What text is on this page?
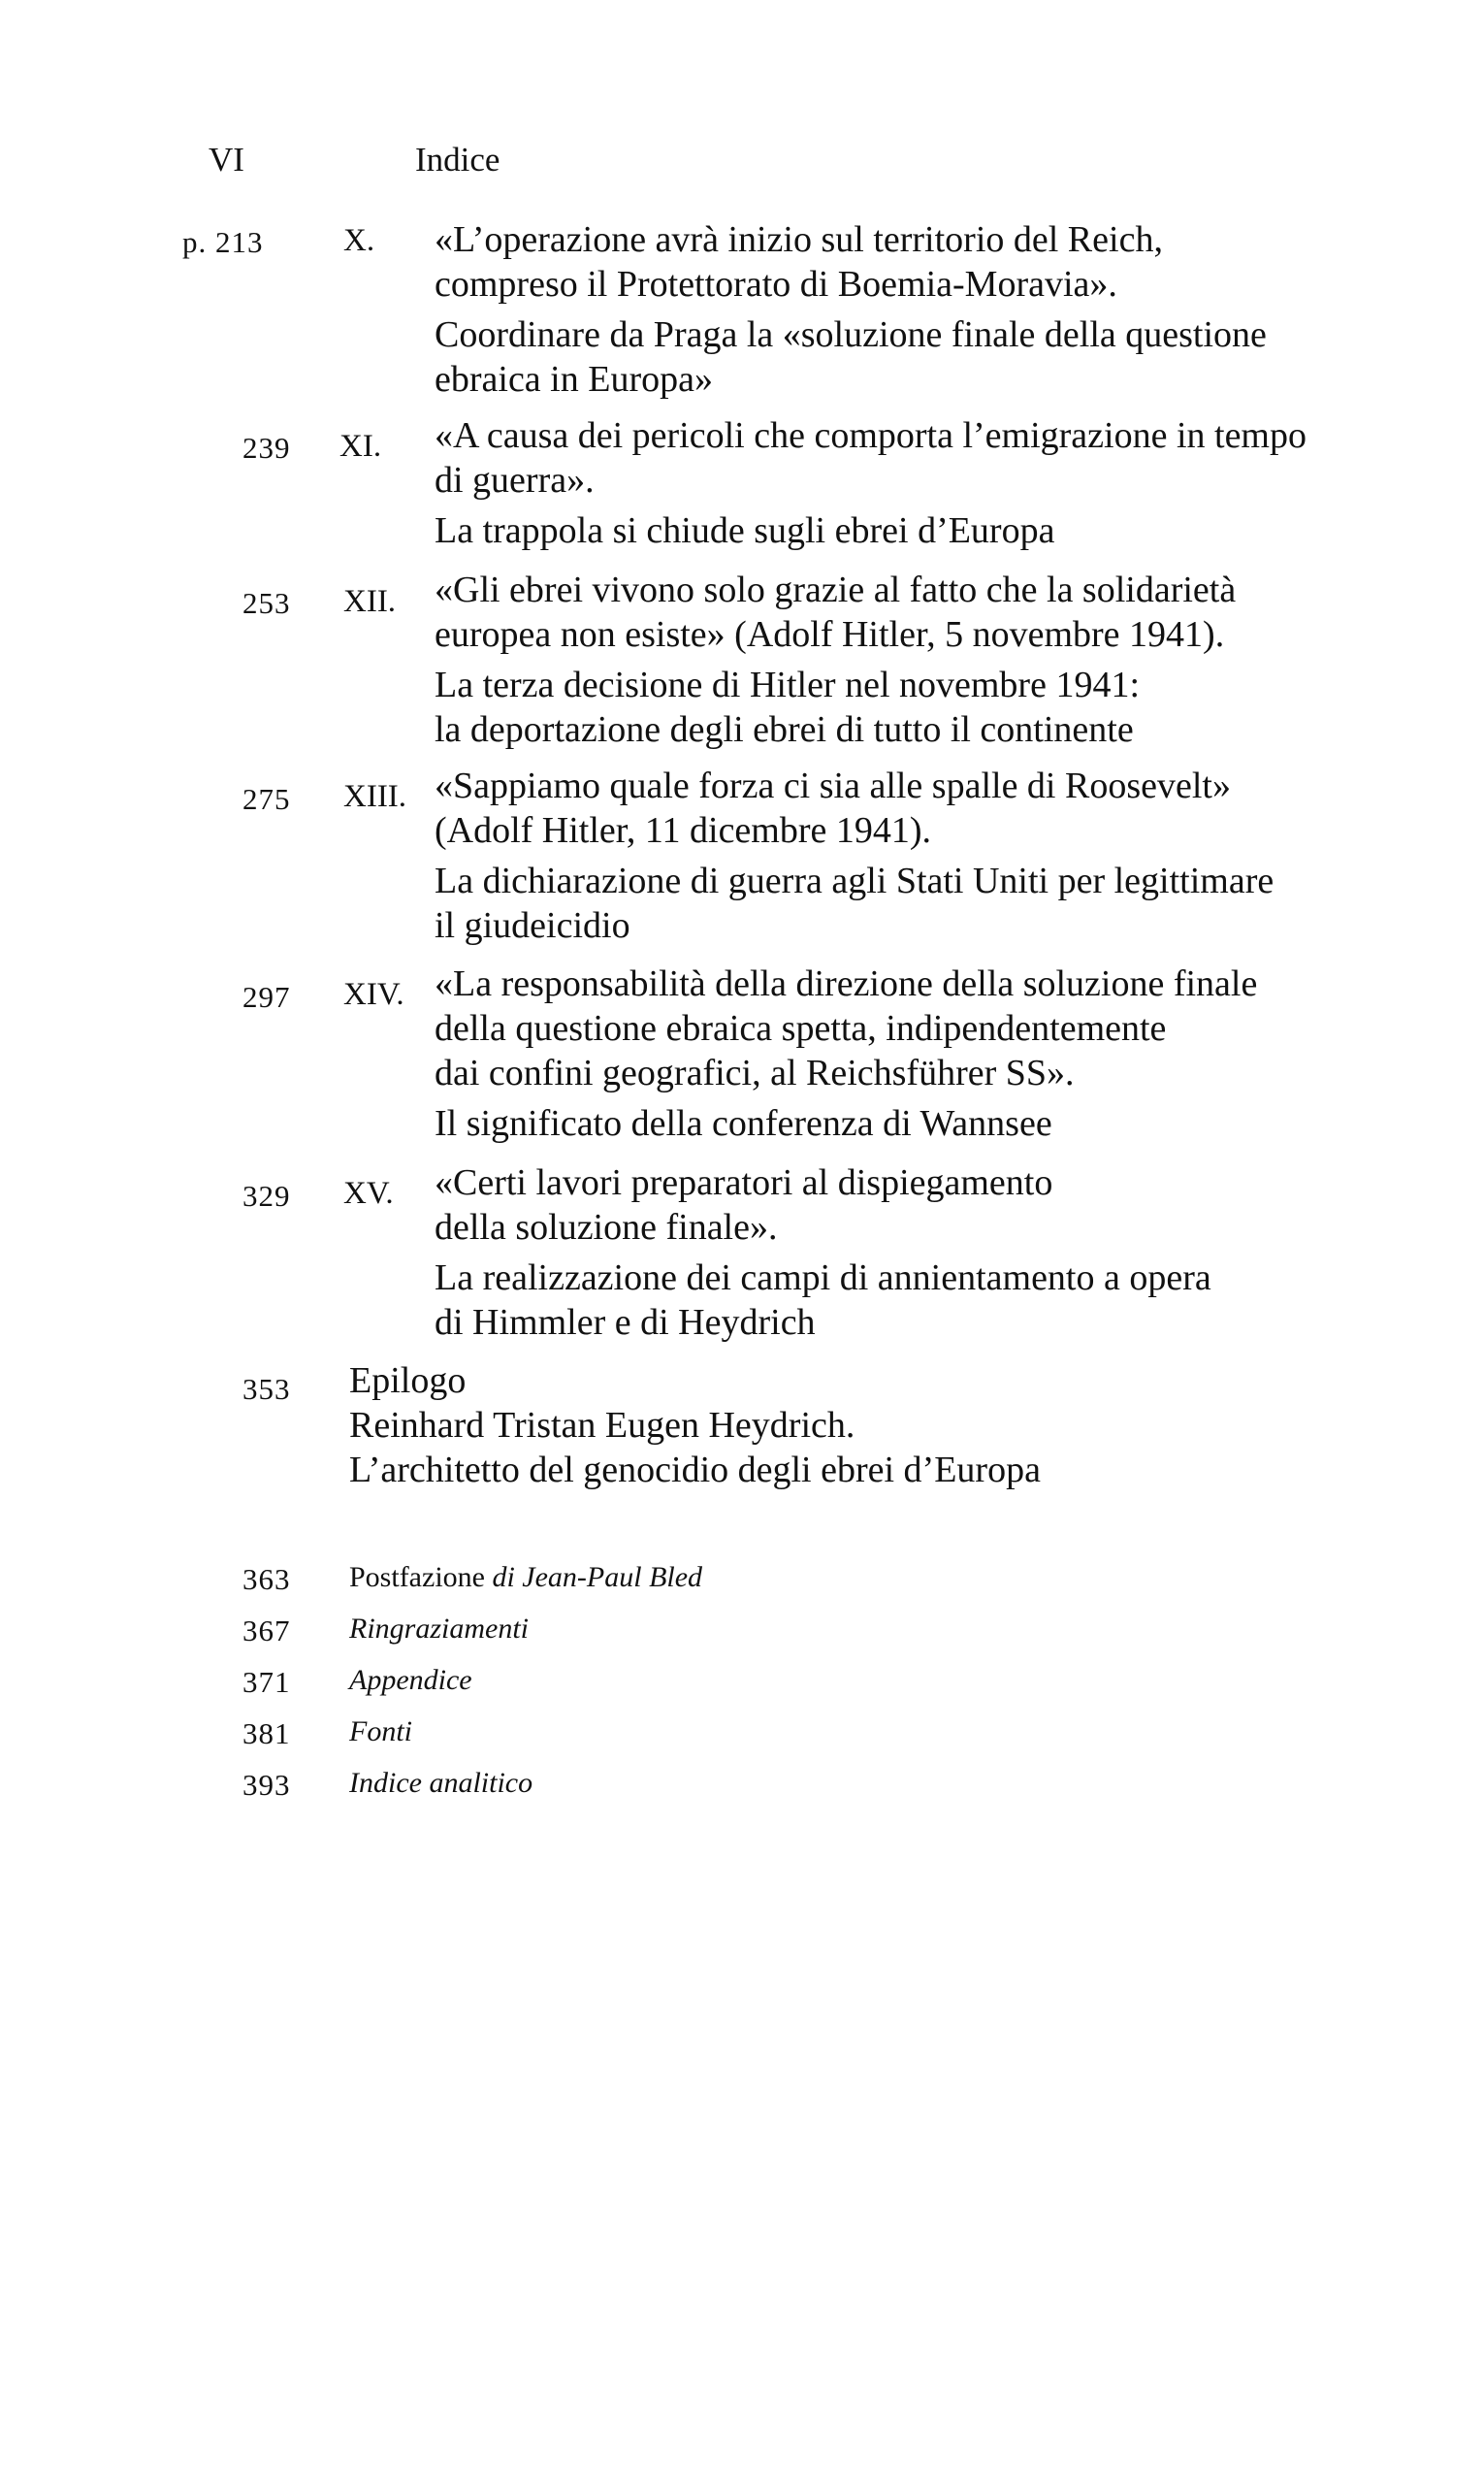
VI	Indice
p. 213	X. «L’operazione avrà inizio sul territorio del Reich,
compreso il Protettorato di Boemia-Moravia».
Coordinare da Praga la «soluzione finale della questione
ebraica in Europa»
239 XI. «A causa dei pericoli che comporta l’emigrazione in tempo
di guerra».
La trappola si chiude sugli ebrei d’Europa
253 XII. «Gli ebrei vivono solo grazie al fatto che la solidarietà
europea non esiste» (Adolf Hitler, 5 novembre 1941).
La terza decisione di Hitler nel novembre 1941:
la deportazione degli ebrei di tutto il continente
275 XIII. «Sappiamo quale forza ci sia alle spalle di Roosevelt»
(Adolf Hitler, 11 dicembre 1941).
La dichiarazione di guerra agli Stati Uniti per legittimare
il giudeicidio
297 XIV. «La responsabilità della direzione della soluzione finale
della questione ebraica spetta, indipendentemente
dai confini geografici, al Reichsführer SS».
Il significato della conferenza di Wannsee
329 XV. «Certi lavori preparatori al dispiegamento
della soluzione finale».
La realizzazione dei campi di annientamento a opera
di Himmler e di Heydrich
353 Epilogo
Reinhard Tristan Eugen Heydrich.
L’architetto del genocidio degli ebrei d’Europa
363 Postfazione di Jean-Paul Bled
367 Ringraziamenti
371 Appendice
381 Fonti
393 Indice analitico
